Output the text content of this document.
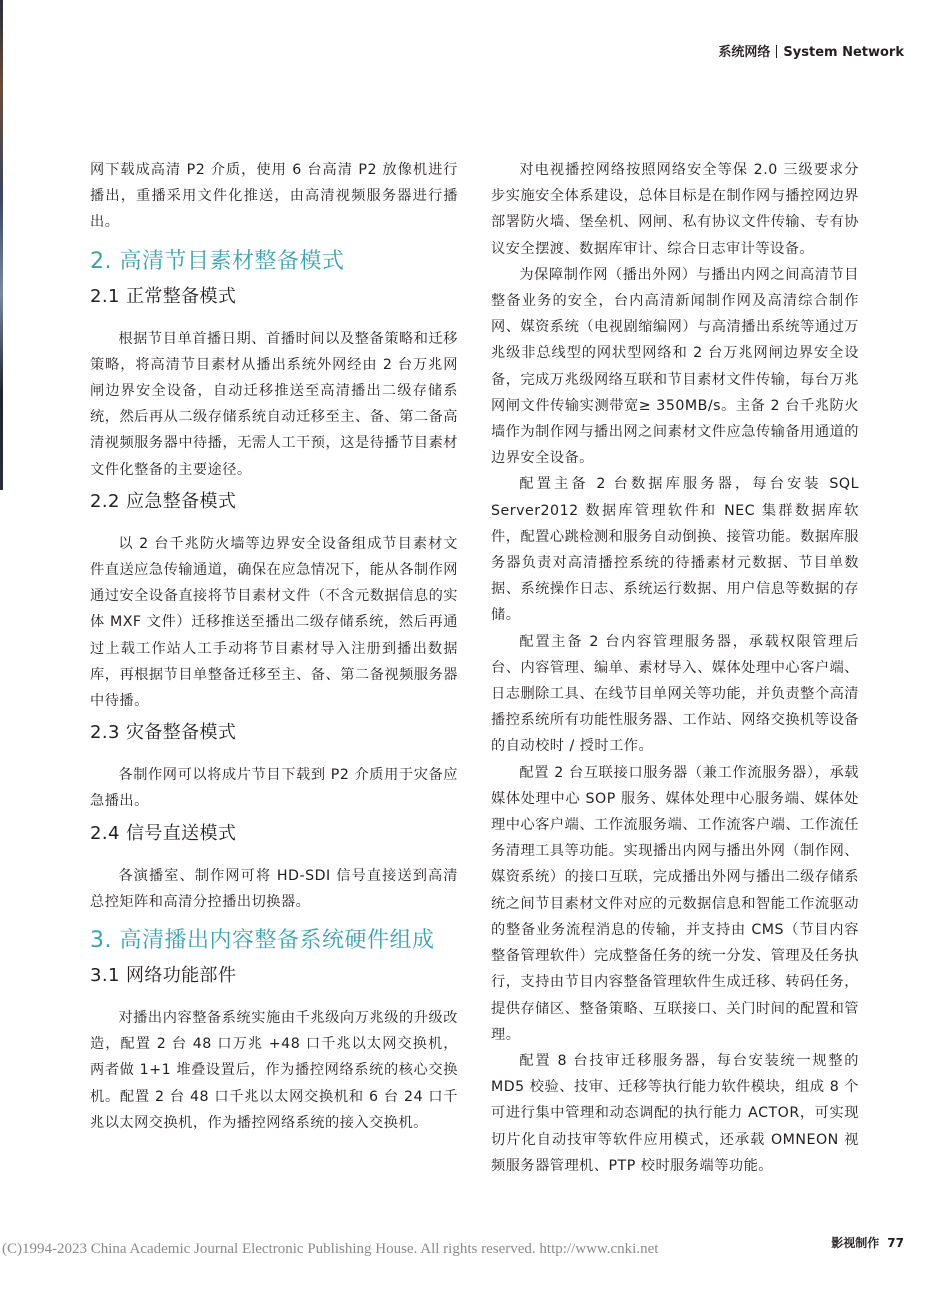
系统网络 System Network

网下载成高清 P2 介质，使用 6 台高清 P2 放像机进行播出，重播采用文件化推送，由高清视频服务器进行播出。

2. 高清节目素材整备模式
2.1 正常整备模式

根据节目单首播日期、首播时间以及整备策略和迁移策略，将高清节目素材从播出系统外网经由 2 台万兆网闸边界安全设备，自动迁移推送至高清播出二级存储系统，然后再从二级存储系统自动迁移至主、备、第二备高清视频服务器中待播，无需人工干预，这是待播节目素材文件化整备的主要途径。

2.2 应急整备模式

以 2 台千兆防火墙等边界安全设备组成节目素材文件直送应急传输通道，确保在应急情况下，能从各制作网通过安全设备直接将节目素材文件（不含元数据信息的实体 MXF 文件）迁移推送至播出二级存储系统，然后再通过上载工作站人工手动将节目素材导入注册到播出数据库，再根据节目单整备迁移至主、备、第二备视频服务器中待播。

2.3 灾备整备模式

各制作网可以将成片节目下载到 P2 介质用于灾备应急播出。

2.4 信号直送模式

各演播室、制作网可将 HD-SDI 信号直接送到高清总控矩阵和高清分控播出切换器。

3. 高清播出内容整备系统硬件组成
3.1 网络功能部件

对播出内容整备系统实施由千兆级向万兆级的升级改造，配置 2 台 48 口万兆 +48 口千兆以太网交换机，两者做 1+1 堆叠设置后，作为播控网络系统的核心交换机。配置 2 台 48 口千兆以太网交换机和 6 台 24 口千兆以太网交换机，作为播控网络系统的接入交换机。

对电视播控网络按照网络安全等保 2.0 三级要求分步实施安全体系建设，总体目标是在制作网与播控网边界部署防火墙、堡垒机、网闸、私有协议文件传输、专有协议安全摆渡、数据库审计、综合日志审计等设备。

为保障制作网（播出外网）与播出内网之间高清节目整备业务的安全，台内高清新闻制作网及高清综合制作网、媒资系统（电视剧缩编网）与高清播出系统等通过万兆级非总线型的网状型网络和 2 台万兆网闸边界安全设备，完成万兆级网络互联和节目素材文件传输，每台万兆网闸文件传输实测带宽≥ 350MB/s。主备 2 台千兆防火墙作为制作网与播出网之间素材文件应急传输备用通道的边界安全设备。

配置主备 2 台数据库服务器，每台安装 SQL Server2012 数据库管理软件和 NEC 集群数据库软件，配置心跳检测和服务自动倒换、接管功能。数据库服务器负责对高清播控系统的待播素材元数据、节目单数据、系统操作日志、系统运行数据、用户信息等数据的存储。

配置主备 2 台内容管理服务器，承载权限管理后台、内容管理、编单、素材导入、媒体处理中心客户端、日志删除工具、在线节目单网关等功能，并负责整个高清播控系统所有功能性服务器、工作站、网络交换机等设备的自动校时 / 授时工作。

配置 2 台互联接口服务器（兼工作流服务器），承载媒体处理中心 SOP 服务、媒体处理中心服务端、媒体处理中心客户端、工作流服务端、工作流客户端、工作流任务清理工具等功能。实现播出内网与播出外网（制作网、媒资系统）的接口互联，完成播出外网与播出二级存储系统之间节目素材文件对应的元数据信息和智能工作流驱动的整备业务流程消息的传输，并支持由 CMS（节目内容整备管理软件）完成整备任务的统一分发、管理及任务执行，支持由节目内容整备管理软件生成迁移、转码任务，提供存储区、整备策略、互联接口、关门时间的配置和管理。

配置 8 台技审迁移服务器，每台安装统一规整的 MD5 校验、技审、迁移等执行能力软件模块，组成 8 个可进行集中管理和动态调配的执行能力 ACTOR，可实现切片化自动技审等软件应用模式，还承载 OMNEON 视频服务器管理机、PTP 校时服务端等功能。

(C)1994-2023 China Academic Journal Electronic Publishing House. All rights reserved. http://www.cnki.net	影视制作 77
